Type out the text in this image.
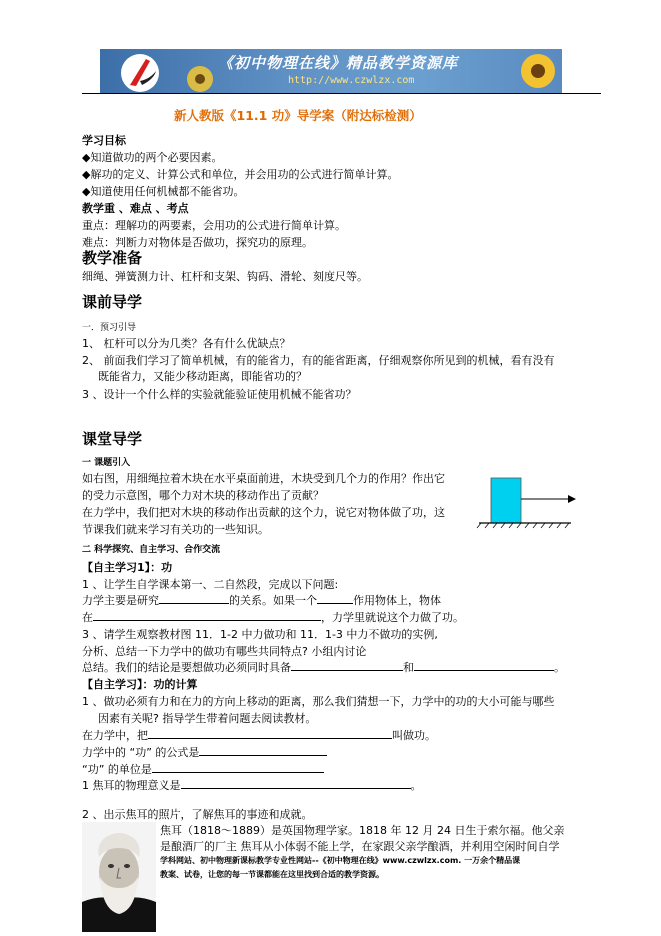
《初中物理在线》精品教学资源库
http://www.czwlzx.com
新人教版《11.1 功》导学案（附达标检测）
学习目标
◆知道做功的两个必要因素。
◆解功的定义、计算公式和单位，并会用功的公式进行简单计算。
◆知道使用任何机械都不能省功。
教学重 、难点 、考点
重点：理解功的两要素，会用功的公式进行简单计算。
难点：判断力对物体是否做功，探究功的原理。
教学准备
细绳、弹簧测力计、杠杆和支架、钩码、滑轮、刻度尺等。
课前导学
一．预习引导
1、 杠杆可以分为几类？各有什么优缺点？
2、 前面我们学习了简单机械，有的能省力，有的能省距离，仔细观察你所见到的机械，看有没有
既能省力，又能少移动距离，即能省功的？
3 、设计一个什么样的实验就能验证使用机械不能省功？
课堂导学
一 课题引入
如右图，用细绳拉着木块在水平桌面前进，木块受到几个力的作用？作出它
的受力示意图，哪个力对木块的移动作出了贡献？
在力学中，我们把对木块的移动作出贡献的这个力，说它对物体做了功，这
节课我们就来学习有关功的一些知识。
二 科学探究、自主学习、合作交流
【自主学习1】：功
1 、让学生自学课本第一、二自然段，完成以下问题:
力学主要是研究	的关系。如果一个	作用物体上，物体
在	，力学里就说这个力做了功。
3 、请学生观察教材图 11．1-2 中力做功和 11．1-3 中力不做功的实例,
分析、总结一下力学中的做功有哪些共同特点? 小组内讨论
总结。我们的结论是要想做功必须同时具备	和	。
【自主学习】：功的计算
1 、做功必须有力和在力的方向上移动的距离，那么我们猜想一下，力学中的功的大小可能与哪些
因素有关呢? 指导学生带着问题去阅读教材。
在力学中，把	叫做功。
力学中的 “功” 的公式是
“功” 的单位是
1 焦耳的物理意义是	。
2 、出示焦耳的照片，了解焦耳的事迹和成就。
焦耳（1818～1889）是英国物理学家。1818 年 12 月 24 日生于索尔福。他父亲
是酿酒厂的厂主 焦耳从小体弱不能上学，在家跟父亲学酿酒，并利用空闲时间自学
学科网站、初中物理新课标教学专业性网站--《初中物理在线》www.czwlzx.com. 一万余个精品课
教案、试卷，让您的每一节课都能在这里找到合适的教学资源。
